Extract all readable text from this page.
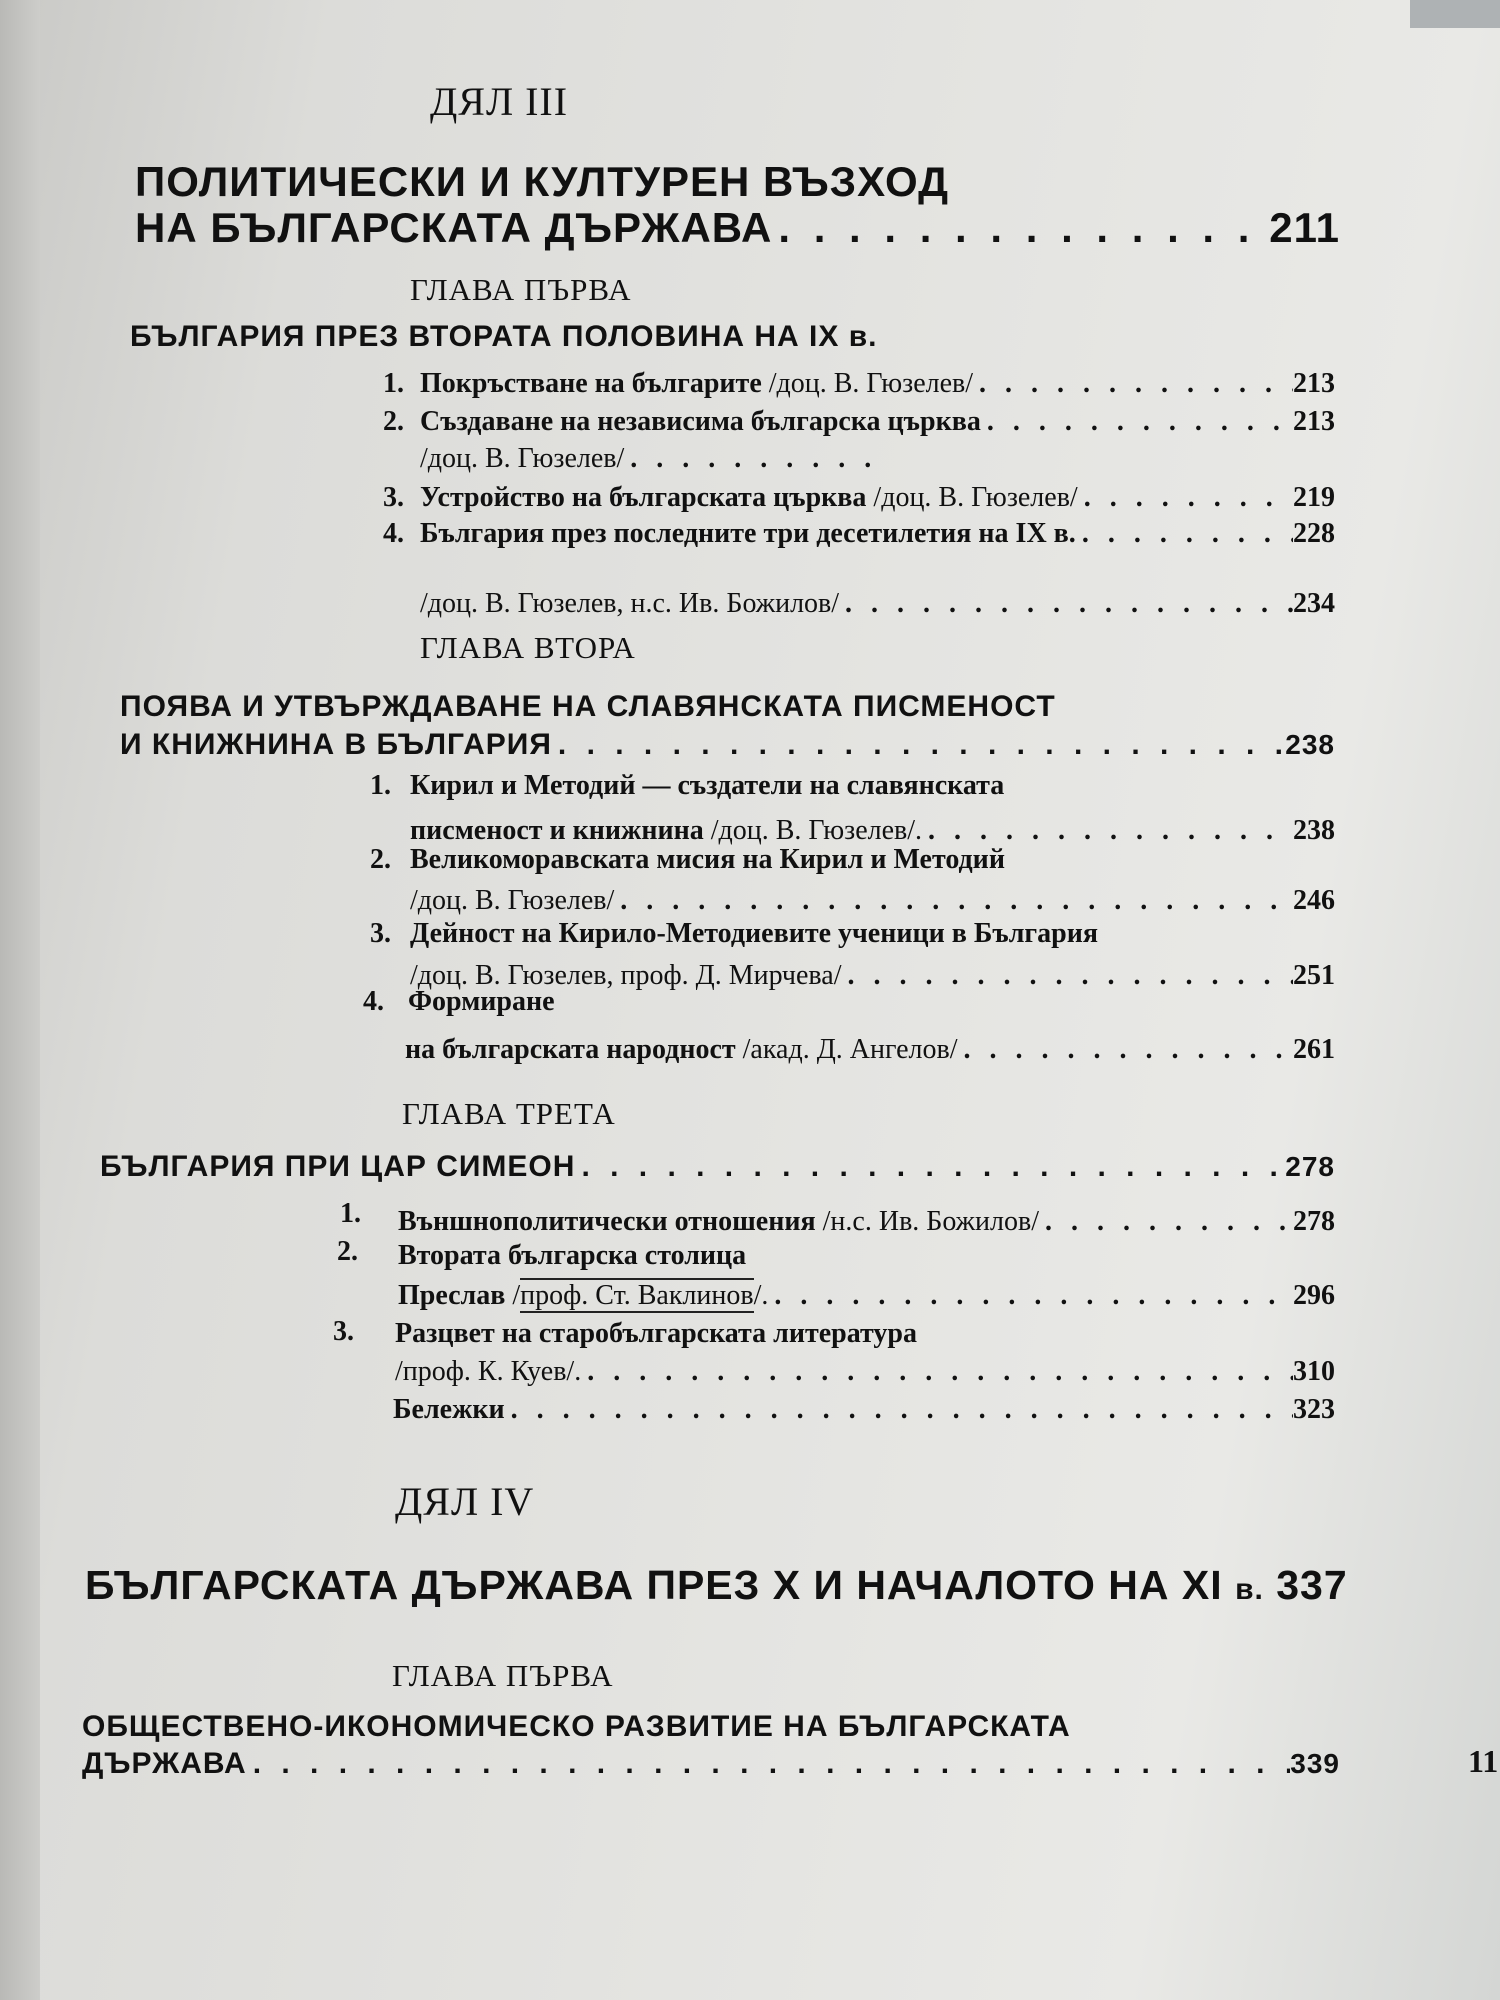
ДЯЛ III
ПОЛИТИЧЕСКИ И КУЛТУРЕН ВЪЗХОД
НА БЪЛГАРСКАТА ДЪРЖАВА . . .	211
ГЛАВА ПЪРВА
БЪЛГАРИЯ ПРЕЗ ВТОРАТА ПОЛОВИНА НА IX в.
1. Покръстване на българите /доц. В. Гюзелев/ . . .	213
2. Създаване на независима българска църква . . .	213
/доц. В. Гюзелев/
. . .
3. Устройство на българската църква /доц. В. Гюзелев/ . . .	219
4. България през последните три десетилетия на IX в. . . .	228
/доц. В. Гюзелев, н.с. Ив. Божилов/ . . .	234
ГЛАВА ВТОРА
ПОЯВА И УТВЪРЖДАВАНЕ НА СЛАВЯНСКАТА ПИСМЕНОСТ
И КНИЖНИНА В БЪЛГАРИЯ . . .	238
1. Кирил и Методий — създатели на славянската
писменост и книжнина /доц. В. Гюзелев/. . . .	238
2. Великоморавската мисия на Кирил и Методий
/доц. В. Гюзелев/ . . .	246
3. Дейност на Кирило-Методиевите ученици в България
/доц. В. Гюзелев, проф. Д. Мирчева/ . . .	251
4. Формиране
на българската народност /акад. Д. Ангелов/ . . .	261
ГЛАВА ТРЕТА
БЪЛГАРИЯ ПРИ ЦАР СИМЕОН . . .	278
1. Външнополитически отношения /н.с. Ив. Божилов/ . . .	278
2. Втората българска столица
Преслав /проф. Ст. Ваклинов/. . . .	296
3. Разцвет на старобългарската литература
/проф. К. Куев/. . . .	310
Бележки . . .	323
ДЯЛ IV
БЪЛГАРСКАТА ДЪРЖАВА ПРЕЗ X И НАЧАЛОТО НА XI в. 337
ГЛАВА ПЪРВА
ОБЩЕСТВЕНО-ИКОНОМИЧЕСКО РАЗВИТИЕ НА БЪЛГАРСКАТА
ДЪРЖАВА . . .	339	11
